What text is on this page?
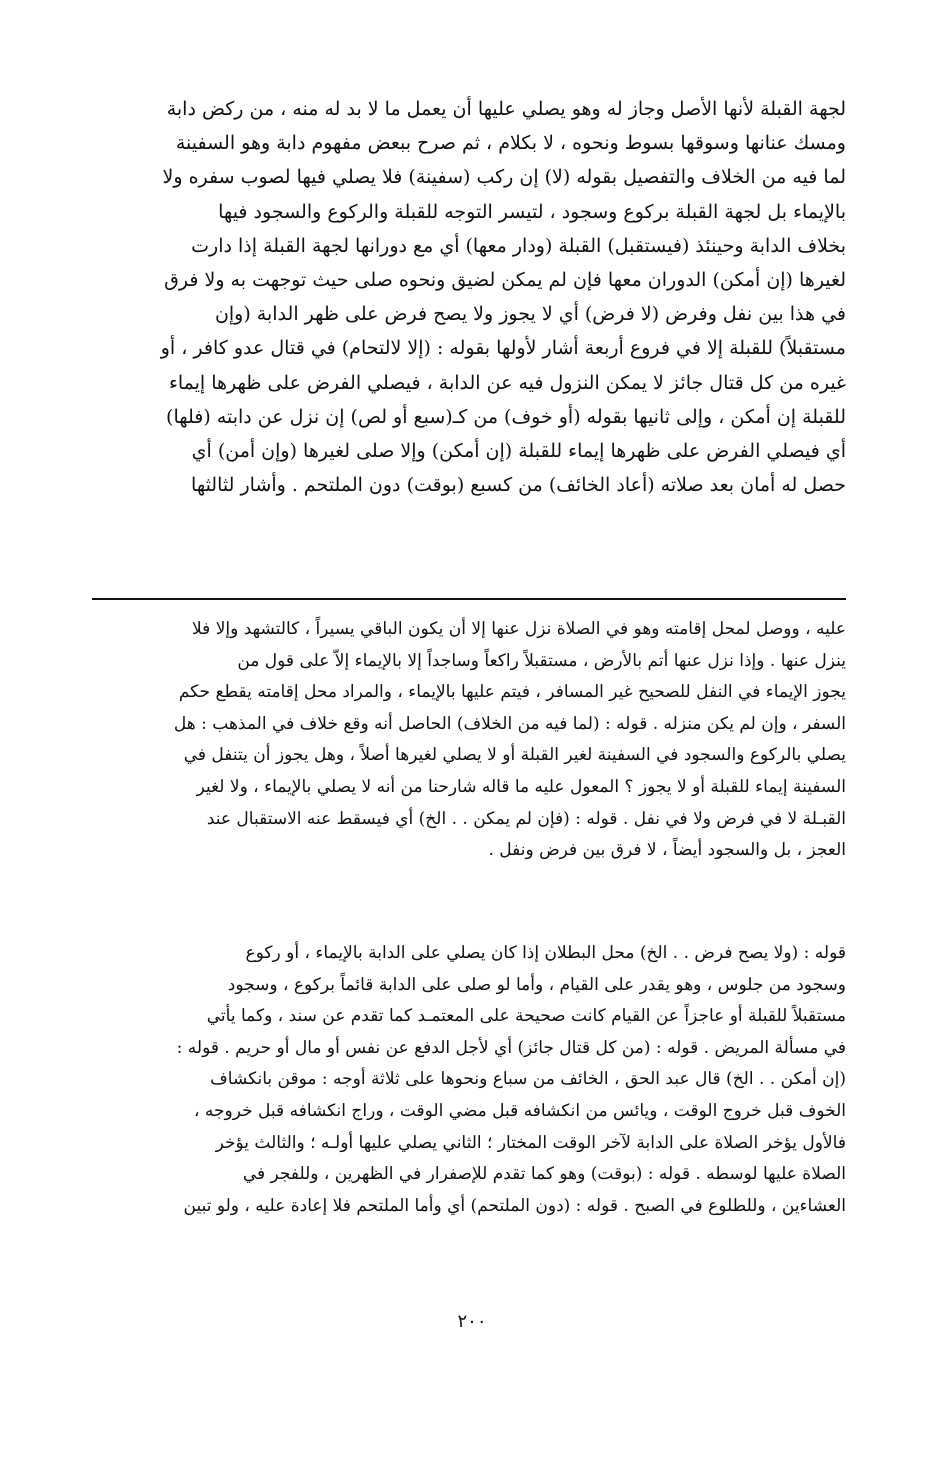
لجهة القبلة لأنها الأصل وجاز له وهو يصلي عليها أن يعمل ما لا بد له منه ، من ركض دابة
ومسك عنانها وسوقها بسوط ونحوه ، لا بكلام ، ثم صرح ببعض مفهوم دابة وهو السفينة
لما فيه من الخلاف والتفصيل بقوله (لا) إن ركب (سفينة) فلا يصلي فيها لصوب سفره ولا
بالإيماء بل لجهة القبلة بركوع وسجود ، لتيسر التوجه للقبلة والركوع والسجود فيها
بخلاف الدابة وحينئذ (فيستقبل) القبلة (ودار معها) أي مع دورانها لجهة القبلة إذا دارت
لغيرها (إن أمكن) الدوران معها فإن لم يمكن لضيق ونحوه صلى حيث توجهت به ولا فرق
في هذا بين نفل وفرض (لا فرض) أي لا يجوز ولا يصح فرض على ظهر الدابة (وإن
مستقبلاً) للقبلة إلا في فروع أربعة أشار لأولها بقوله : (إلا لالتحام) في قتال عدو كافر ، أو
غيره من كل قتال جائز لا يمكن النزول فيه عن الدابة ، فيصلي الفرض على ظهرها إيماء
للقبلة إن أمكن ، وإلى ثانيها بقوله (أو خوف) من كـ(سبع أو لص) إن نزل عن دابته (فلها)
أي فيصلي الفرض على ظهرها إيماء للقبلة (إن أمكن) وإلا صلى لغيرها (وإن أمن) أي
حصل له أمان بعد صلاته (أعاد الخائف) من كسبع (بوقت) دون الملتحم . وأشار لثالثها
عليه ، ووصل لمحل إقامته وهو في الصلاة نزل عنها إلا أن يكون الباقي يسيراً ، كالتشهد وإلا فلا
ينزل عنها . وإذا نزل عنها أتم بالأرض ، مستقبلاً راكعاً وساجداً إلا بالإيماء إلاّ على قول من
يجوز الإيماء في النفل للصحيح غير المسافر ، فيتم عليها بالإيماء ، والمراد محل إقامته يقطع حكم
السفر ، وإن لم يكن منزله . قوله : (لما فيه من الخلاف) الحاصل أنه وقع خلاف في المذهب : هل
يصلي بالركوع والسجود في السفينة لغير القبلة أو لا يصلي لغيرها أصلاً ، وهل يجوز أن يتنفل في
السفينة إيماء للقبلة أو لا يجوز ؟ المعول عليه ما قاله شارحنا من أنه لا يصلي بالإيماء ، ولا لغير
القبـلة لا في فرض ولا في نفل . قوله : (فإن لم يمكن . . الخ) أي فيسقط عنه الاستقبال عند
العجز ، بل والسجود أيضاً ، لا فرق بين فرض ونفل .
قوله : (ولا يصح فرض . . الخ) محل البطلان إذا كان يصلي على الدابة بالإيماء ، أو ركوع
وسجود من جلوس ، وهو يقدر على القيام ، وأما لو صلى على الدابة قائماً بركوع ، وسجود
مستقبلاً للقبلة أو عاجزاً عن القيام كانت صحيحة على المعتمـد كما تقدم عن سند ، وكما يأتي
في مسألة المريض . قوله : (من كل قتال جائز) أي لأجل الدفع عن نفس أو مال أو حريم . قوله :
(إن أمكن . . الخ) قال عبد الحق ، الخائف من سباع ونحوها على ثلاثة أوجه : موقن بانكشاف
الخوف قبل خروج الوقت ، ويائس من انكشافه قبل مضي الوقت ، وراج انكشافه قبل خروجه ،
فالأول يؤخر الصلاة على الدابة لآخر الوقت المختار ؛ الثاني يصلي عليها أولـه ؛ والثالث يؤخر
الصلاة عليها لوسطه . قوله : (بوقت) وهو كما تقدم للإصفرار في الظهرين ، وللفجر في
العشاءين ، وللطلوع في الصبح . قوله : (دون الملتحم) أي وأما الملتحم فلا إعادة عليه ، ولو تبين
٢٠٠
